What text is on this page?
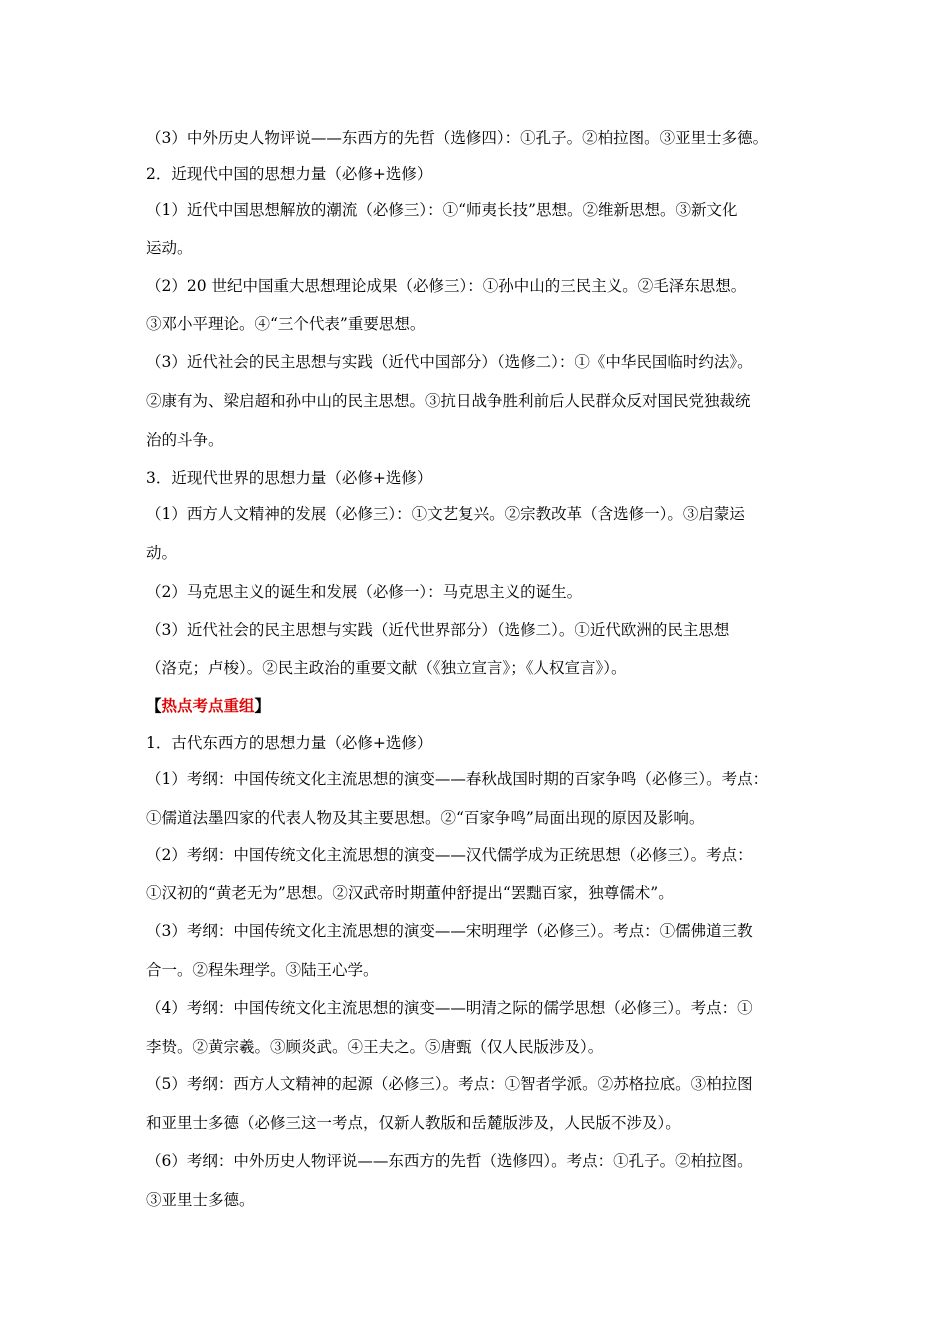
（3）中外历史人物评说——东西方的先哲（选修四）：①孔子。②柏拉图。③亚里士多德。
2．近现代中国的思想力量（必修+选修）
（1）近代中国思想解放的潮流（必修三）：①“师夷长技”思想。②维新思想。③新文化
运动。
（2）20 世纪中国重大思想理论成果（必修三）：①孙中山的三民主义。②毛泽东思想。
③邓小平理论。④“三个代表”重要思想。
（3）近代社会的民主思想与实践（近代中国部分）（选修二）：①《中华民国临时约法》。
②康有为、梁启超和孙中山的民主思想。③抗日战争胜利前后人民群众反对国民党独裁统
治的斗争。
3．近现代世界的思想力量（必修+选修）
（1）西方人文精神的发展（必修三）：①文艺复兴。②宗教改革（含选修一）。③启蒙运
动。
（2）马克思主义的诞生和发展（必修一）：马克思主义的诞生。
（3）近代社会的民主思想与实践（近代世界部分）（选修二）。①近代欧洲的民主思想
（洛克；卢梭）。②民主政治的重要文献（《独立宣言》；《人权宣言》）。
【热点考点重组】
1．古代东西方的思想力量（必修+选修）
（1）考纲：中国传统文化主流思想的演变——春秋战国时期的百家争鸣（必修三）。考点：
①儒道法墨四家的代表人物及其主要思想。②“百家争鸣”局面出现的原因及影响。
（2）考纲：中国传统文化主流思想的演变——汉代儒学成为正统思想（必修三）。考点：
①汉初的“黄老无为”思想。②汉武帝时期董仲舒提出“罢黜百家，独尊儒术”。
（3）考纲：中国传统文化主流思想的演变——宋明理学（必修三）。考点：①儒佛道三教
合一。②程朱理学。③陆王心学。
（4）考纲：中国传统文化主流思想的演变——明清之际的儒学思想（必修三）。考点：①
李贽。②黄宗羲。③顾炎武。④王夫之。⑤唐甄（仅人民版涉及）。
（5）考纲：西方人文精神的起源（必修三）。考点：①智者学派。②苏格拉底。③柏拉图
和亚里士多德（必修三这一考点，仅新人教版和岳麓版涉及，人民版不涉及）。
（6）考纲：中外历史人物评说——东西方的先哲（选修四）。考点：①孔子。②柏拉图。
③亚里士多德。
